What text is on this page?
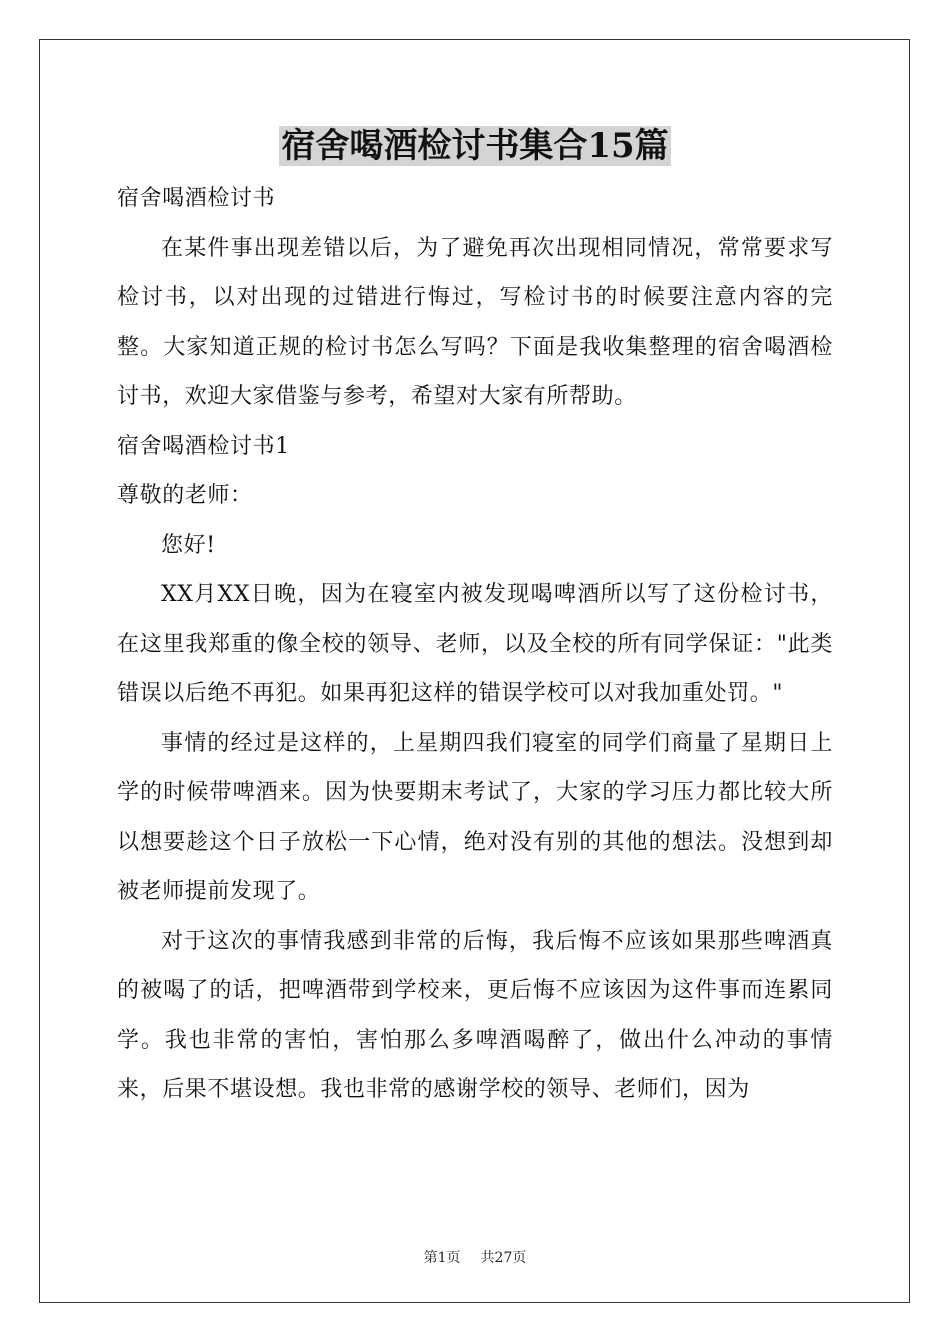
宿舍喝酒检讨书集合15篇

宿舍喝酒检讨书

在某件事出现差错以后，为了避免再次出现相同情况，常常要求写检讨书，以对出现的过错进行悔过，写检讨书的时候要注意内容的完整。大家知道正规的检讨书怎么写吗？下面是我收集整理的宿舍喝酒检讨书，欢迎大家借鉴与参考，希望对大家有所帮助。

宿舍喝酒检讨书1

尊敬的老师：

您好!

XX月XX日晚，因为在寝室内被发现喝啤酒所以写了这份检讨书，在这里我郑重的像全校的领导、老师，以及全校的所有同学保证："此类错误以后绝不再犯。如果再犯这样的错误学校可以对我加重处罚。"

事情的经过是这样的，上星期四我们寝室的同学们商量了星期日上学的时候带啤酒来。因为快要期末考试了，大家的学习压力都比较大所以想要趁这个日子放松一下心情，绝对没有别的其他的想法。没想到却被老师提前发现了。

对于这次的事情我感到非常的后悔，我后悔不应该如果那些啤酒真的被喝了的话，把啤酒带到学校来，更后悔不应该因为这件事而连累同学。我也非常的害怕，害怕那么多啤酒喝醉了，做出什么冲动的事情来，后果不堪设想。我也非常的感谢学校的领导、老师们，因为

第1页 共27页
